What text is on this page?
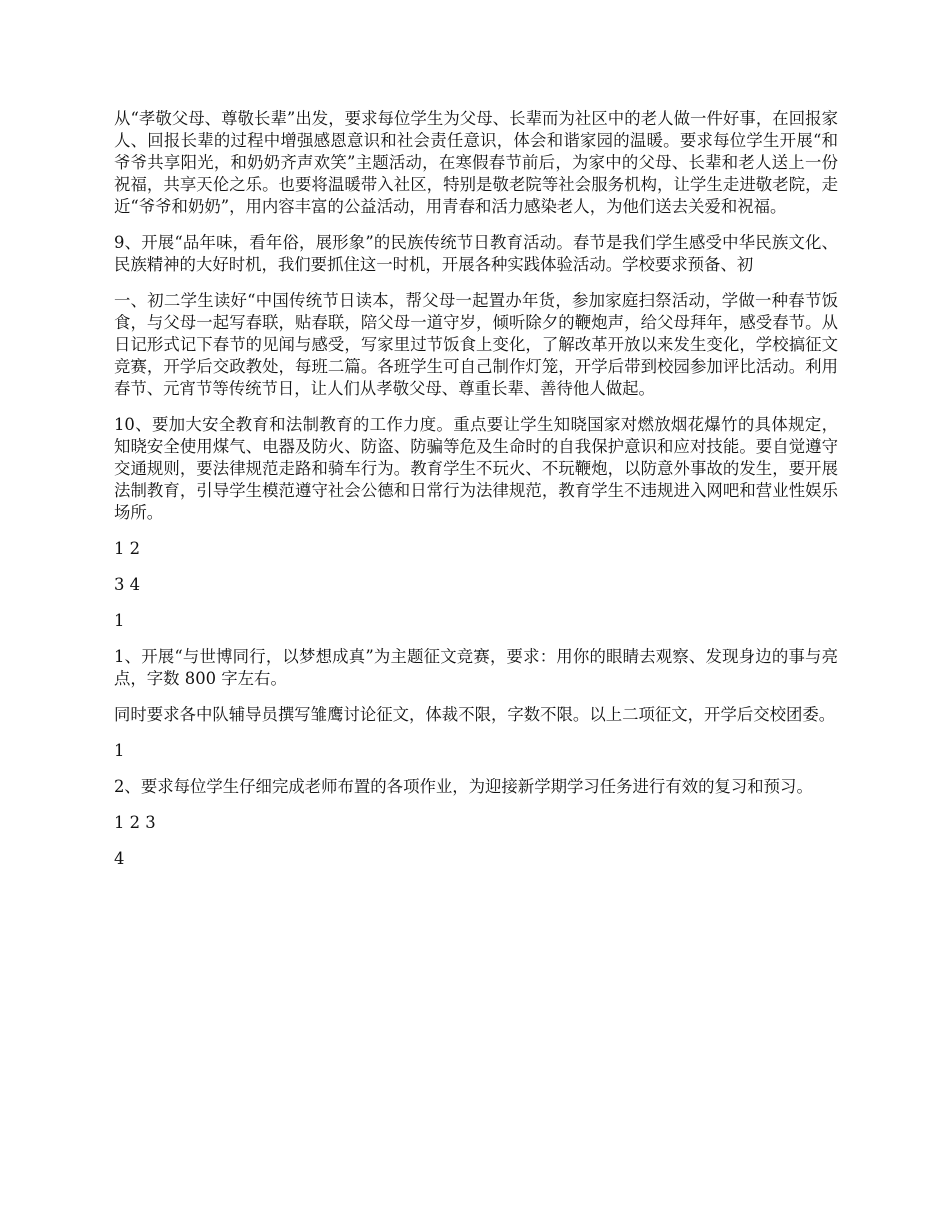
从“孝敬父母、尊敬长辈”出发，要求每位学生为父母、长辈而为社区中的老人做一件好事，在回报家人、回报长辈的过程中增强感恩意识和社会责任意识，体会和谐家园的温暖。要求每位学生开展“和爷爷共享阳光，和奶奶齐声欢笑”主题活动，在寒假春节前后，为家中的父母、长辈和老人送上一份祝福，共享天伦之乐。也要将温暖带入社区，特别是敬老院等社会服务机构，让学生走进敬老院，走近“爷爷和奶奶”，用内容丰富的公益活动，用青春和活力感染老人，为他们送去关爱和祝福。

9、开展“品年味，看年俗，展形象”的民族传统节日教育活动。春节是我们学生感受中华民族文化、民族精神的大好时机，我们要抓住这一时机，开展各种实践体验活动。学校要求预备、初

一、初二学生读好“中国传统节日读本，帮父母一起置办年货，参加家庭扫祭活动，学做一种春节饭食，与父母一起写春联，贴春联，陪父母一道守岁，倾听除夕的鞭炮声，给父母拜年，感受春节。从日记形式记下春节的见闻与感受，写家里过节饭食上变化，了解改革开放以来发生变化，学校搞征文竞赛，开学后交政教处，每班二篇。各班学生可自己制作灯笼，开学后带到校园参加评比活动。利用春节、元宵节等传统节日，让人们从孝敬父母、尊重长辈、善待他人做起。

10、要加大安全教育和法制教育的工作力度。重点要让学生知晓国家对燃放烟花爆竹的具体规定，知晓安全使用煤气、电器及防火、防盗、防骗等危及生命时的自我保护意识和应对技能。要自觉遵守交通规则，要法律规范走路和骑车行为。教育学生不玩火、不玩鞭炮，以防意外事故的发生，要开展法制教育，引导学生模范遵守社会公德和日常行为法律规范，教育学生不违规进入网吧和营业性娱乐场所。

1 2

3 4

1

1、开展“与世博同行，以梦想成真”为主题征文竞赛，要求：用你的眼睛去观察、发现身边的事与亮点，字数 800 字左右。

同时要求各中队辅导员撰写雏鹰讨论征文，体裁不限，字数不限。以上二项征文，开学后交校团委。

1

2、要求每位学生仔细完成老师布置的各项作业，为迎接新学期学习任务进行有效的复习和预习。

1 2 3

4
